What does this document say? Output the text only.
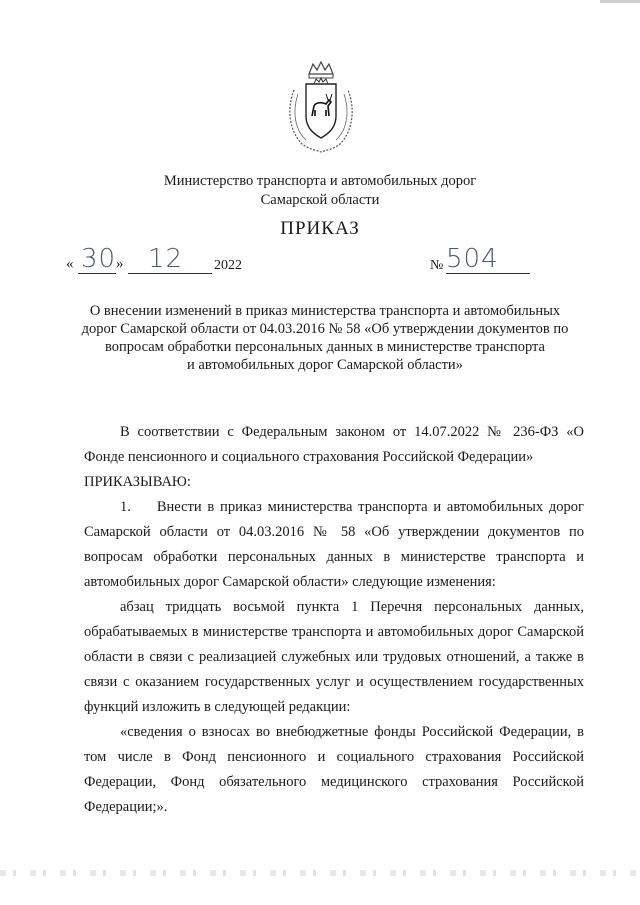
Министерство транспорта и автомобильных дорог
Самарской области
ПРИКАЗ
« 30 » 12 2022	№ 504
О внесении изменений в приказ министерства транспорта и автомобильных
дорог Самарской области от 04.03.2016 № 58 «Об утверждении документов по
вопросам обработки персональных данных в министерстве транспорта
и автомобильных дорог Самарской области»

В соответствии с Федеральным законом от 14.07.2022 № 236-ФЗ «О Фонде пенсионного и социального страхования Российской Федерации»

ПРИКАЗЫВАЮ:

1. Внести в приказ министерства транспорта и автомобильных дорог Самарской области от 04.03.2016 № 58 «Об утверждении документов по вопросам обработки персональных данных в министерстве транспорта и автомобильных дорог Самарской области» следующие изменения:

абзац тридцать восьмой пункта 1 Перечня персональных данных, обрабатываемых в министерстве транспорта и автомобильных дорог Самарской области в связи с реализацией служебных или трудовых отношений, а также в связи с оказанием государственных услуг и осуществлением государственных функций изложить в следующей редакции:

«сведения о взносах во внебюджетные фонды Российской Федерации, в том числе в Фонд пенсионного и социального страхования Российской Федерации, Фонд обязательного медицинского страхования Российской Федерации;».
